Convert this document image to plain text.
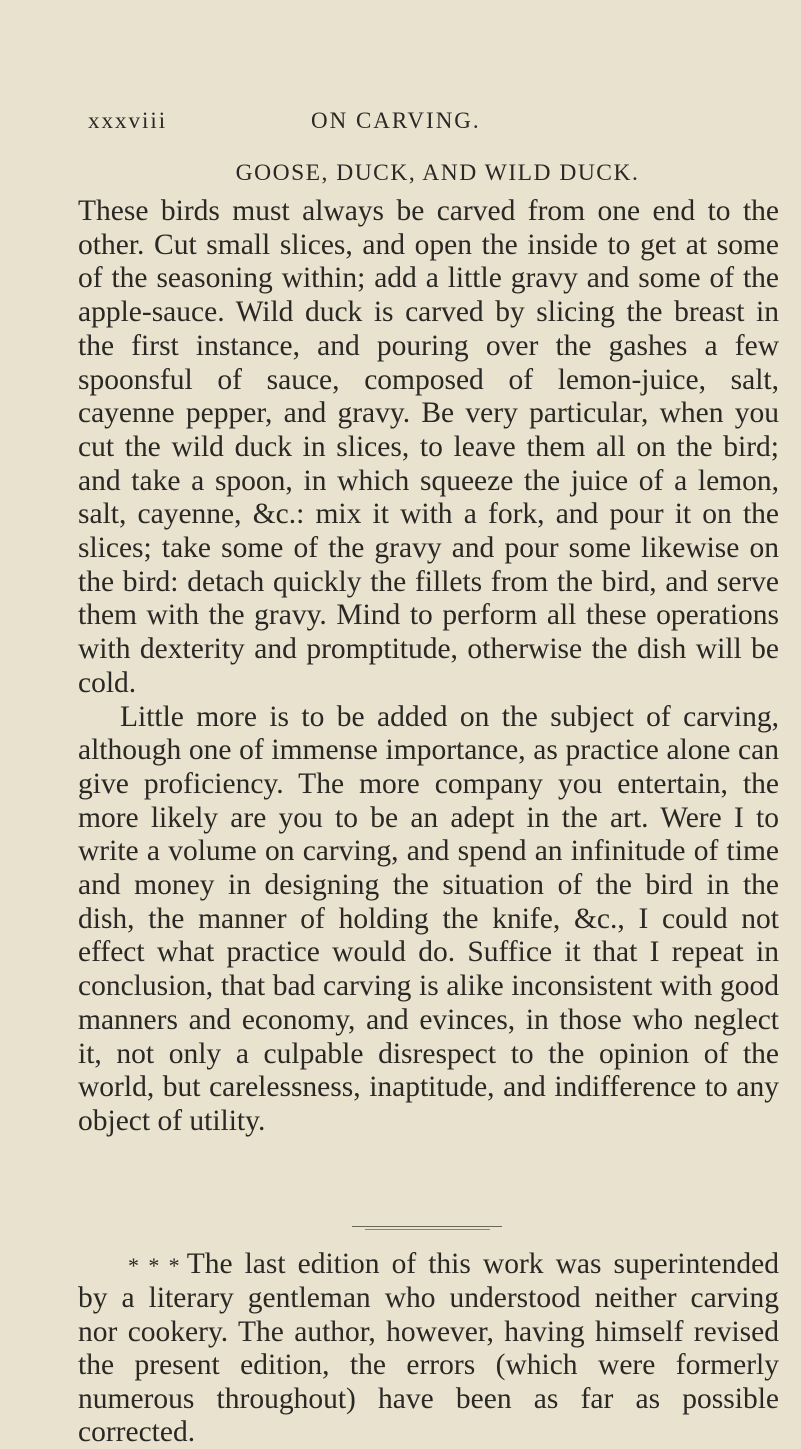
xxxviii	ON CARVING.
GOOSE, DUCK, AND WILD DUCK.

These birds must always be carved from one end to the other. Cut small slices, and open the inside to get at some of the seasoning within; add a little gravy and some of the apple-sauce. Wild duck is carved by slicing the breast in the first instance, and pouring over the gashes a few spoonsful of sauce, composed of lemon-juice, salt, cayenne pepper, and gravy. Be very particular, when you cut the wild duck in slices, to leave them all on the bird; and take a spoon, in which squeeze the juice of a lemon, salt, cayenne, &c.: mix it with a fork, and pour it on the slices; take some of the gravy and pour some likewise on the bird: detach quickly the fillets from the bird, and serve them with the gravy. Mind to perform all these operations with dexterity and promptitude, otherwise the dish will be cold.

Little more is to be added on the subject of carving, although one of immense importance, as practice alone can give proficiency. The more company you entertain, the more likely are you to be an adept in the art. Were I to write a volume on carving, and spend an infinitude of time and money in designing the situation of the bird in the dish, the manner of holding the knife, &c., I could not effect what practice would do. Suffice it that I repeat in conclusion, that bad carving is alike inconsistent with good manners and economy, and evinces, in those who neglect it, not only a culpable disrespect to the opinion of the world, but carelessness, inaptitude, and indifference to any object of utility.

* * * The last edition of this work was superintended by a literary gentleman who understood neither carving nor cookery. The author, however, having himself revised the present edition, the errors (which were formerly numerous throughout) have been as far as possible corrected.
